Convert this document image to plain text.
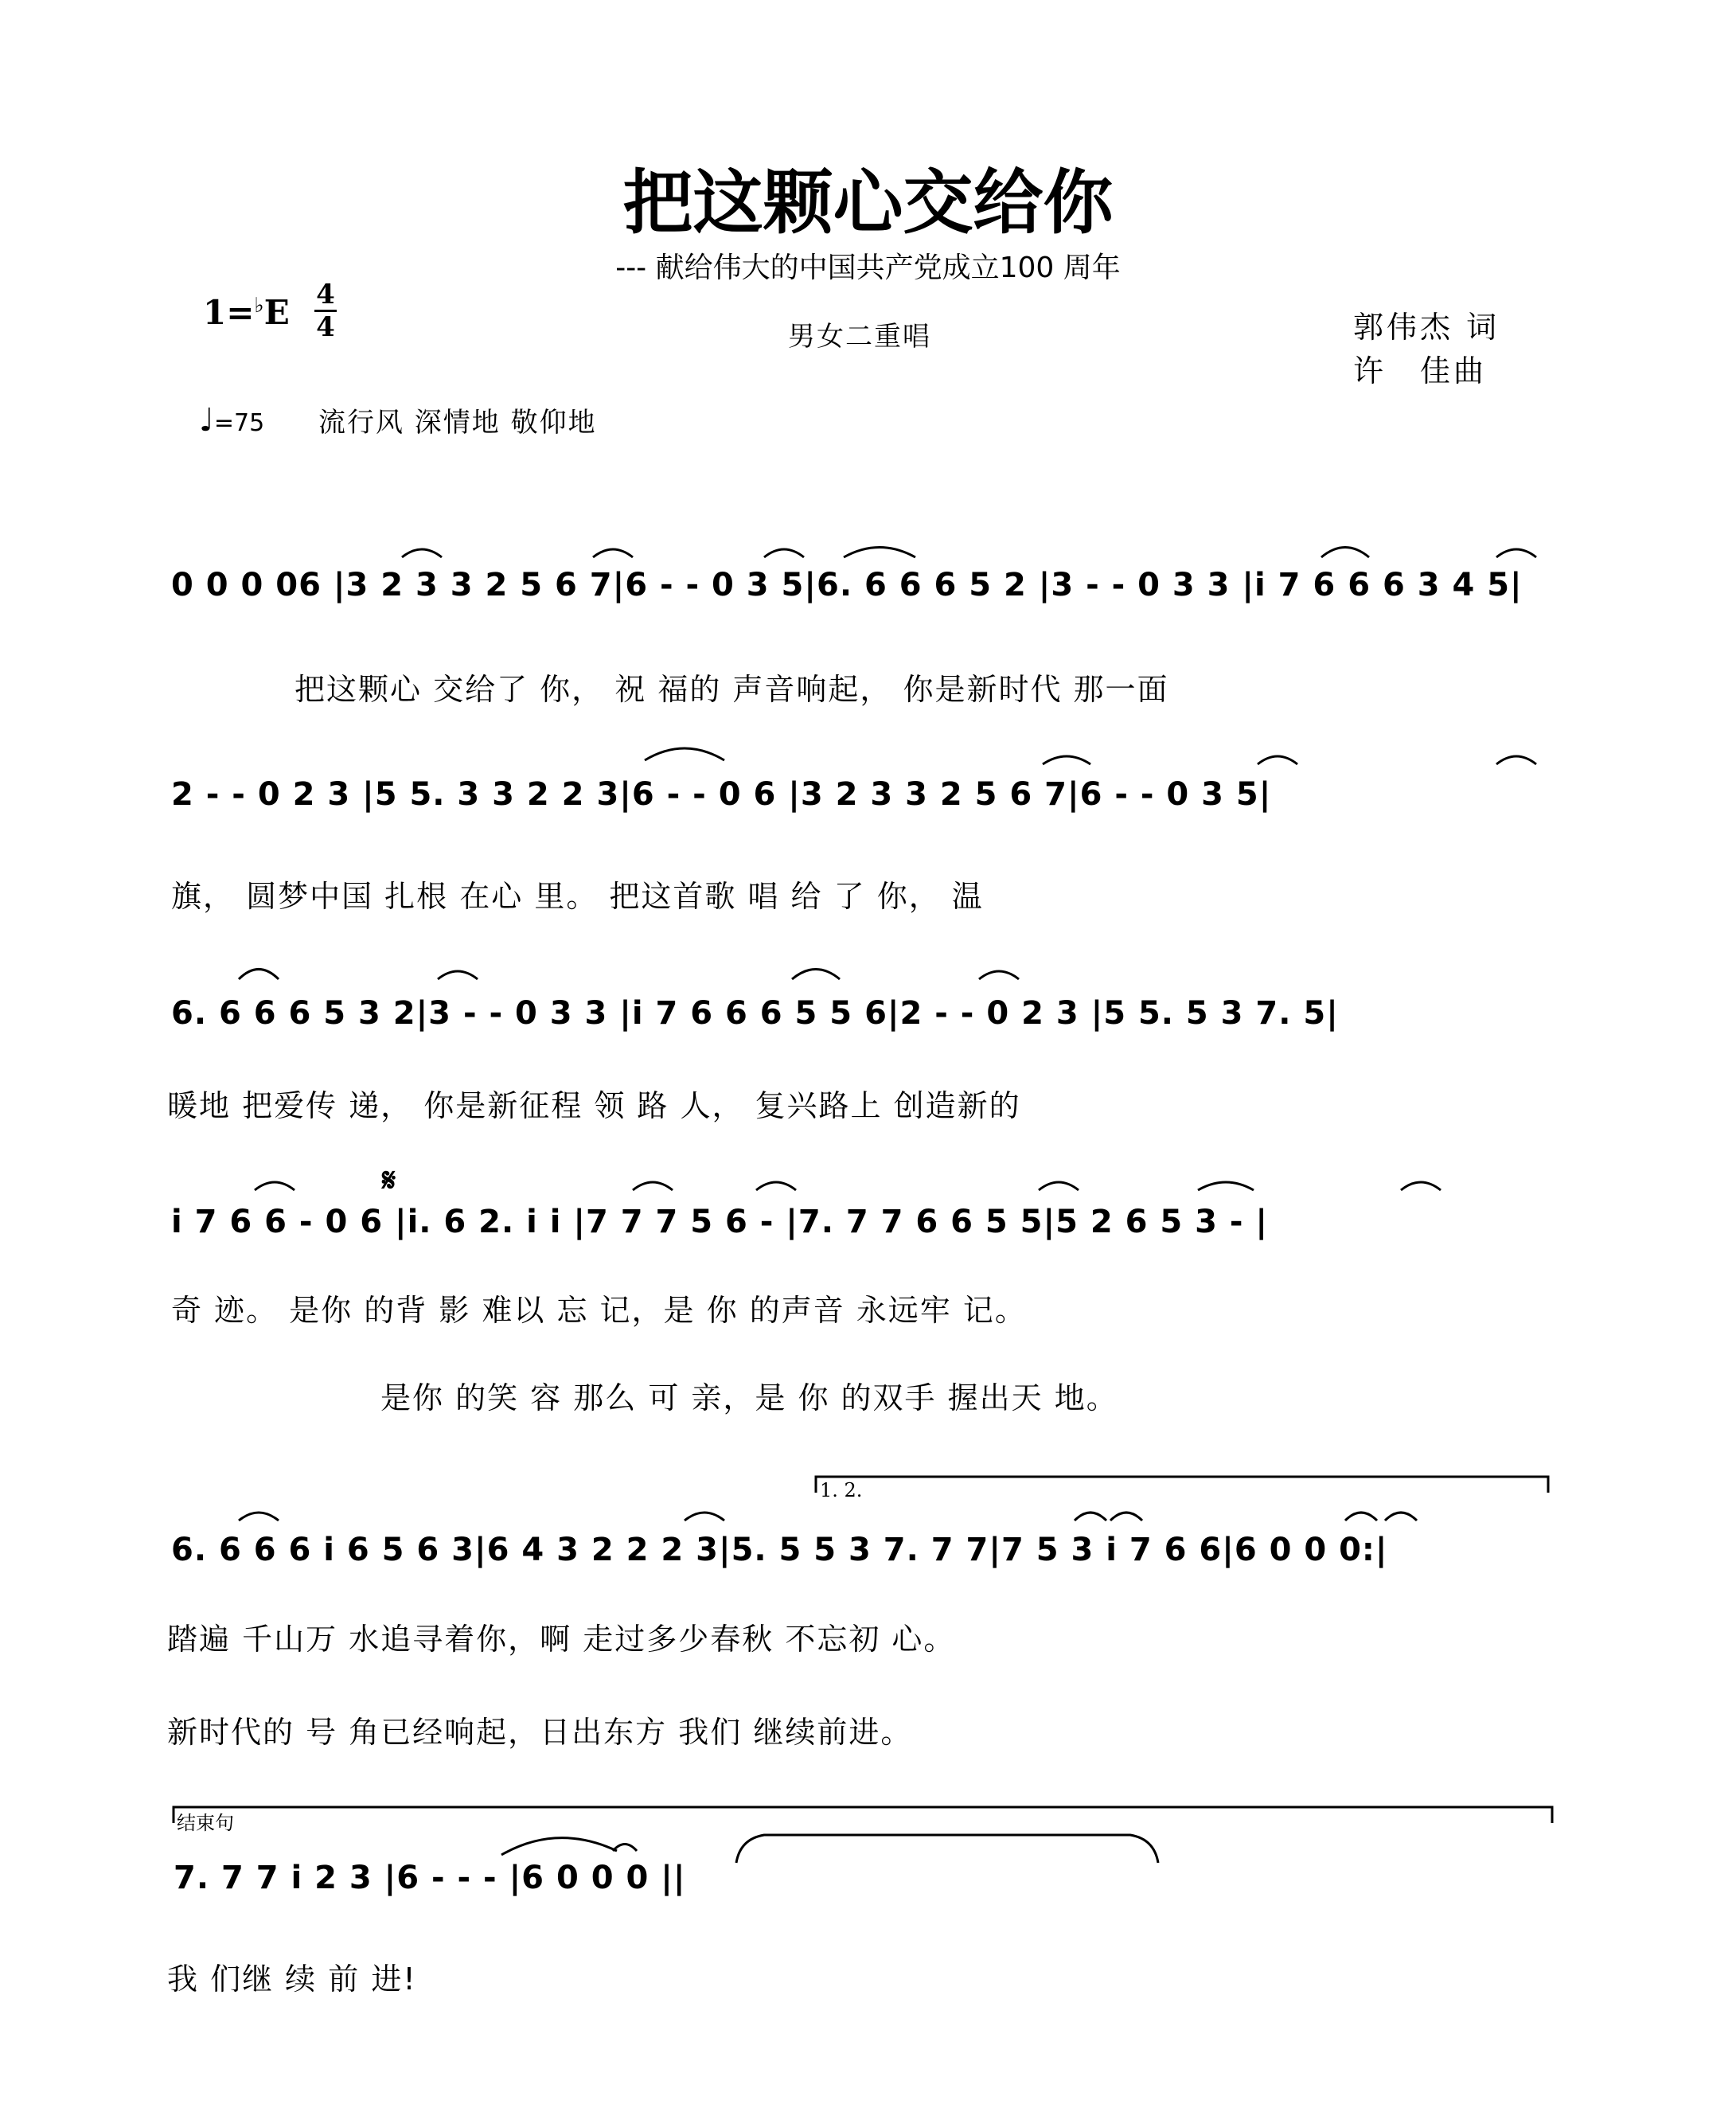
把这颗心交给你
--- 献给伟大的中国共产党成立100 周年
1=♭E 4
4	男女二重唱	郭伟杰 词
许　佳曲
♩=75 流行风 深情地 敬仰地
0 0 0 06 |3 2 3 3 2 5 6 7|6 - - 0 3 5|6. 6 6 6 5 2 |3 - - 0 3 3 |i 7 6 6 6 3 4 5|
把这颗心 交给了 你， 祝 福的 声音响起， 你是新时代 那一面
2 - - 0 2 3 |5 5. 3 3 2 2 3|6 - - 0 6 |3 2 3 3 2 5 6 7|6 - - 0 3 5|
旗， 圆梦中国 扎根 在心 里。 把这首歌 唱 给 了 你， 温
6. 6 6 6 5 3 2|3 - - 0 3 3 |i 7 6 6 6 5 5 6|2 - - 0 2 3 |5 5. 5 3 7. 5|
暖地 把爱传 递， 你是新征程 领 路 人， 复兴路上 创造新的
𝄋
i 7 6 6 - 0 6 |i. 6 2. i i |7 7 7 5 6 - |7. 7 7 6 6 5 5|5 2 6 5 3 - |
奇 迹。 是你 的背 影 难以 忘 记，是 你 的声音 永远牢 记。
是你 的笑 容 那么 可 亲，是 你 的双手 握出天 地。
1. 2.
6. 6 6 6 i 6 5 6 3|6 4 3 2 2 2 3|5. 5 5 3 7. 7 7|7 5 3 i 7 6 6|6 0 0 0:|
踏遍 千山万 水追寻着你，啊 走过多少春秋 不忘初 心。
新时代的 号 角已经响起，日出东方 我们 继续前进。
结束句
7. 7 7 i 2 3 |6 - - - |6 0 0 0 ||
我 们继 续 前 进!
